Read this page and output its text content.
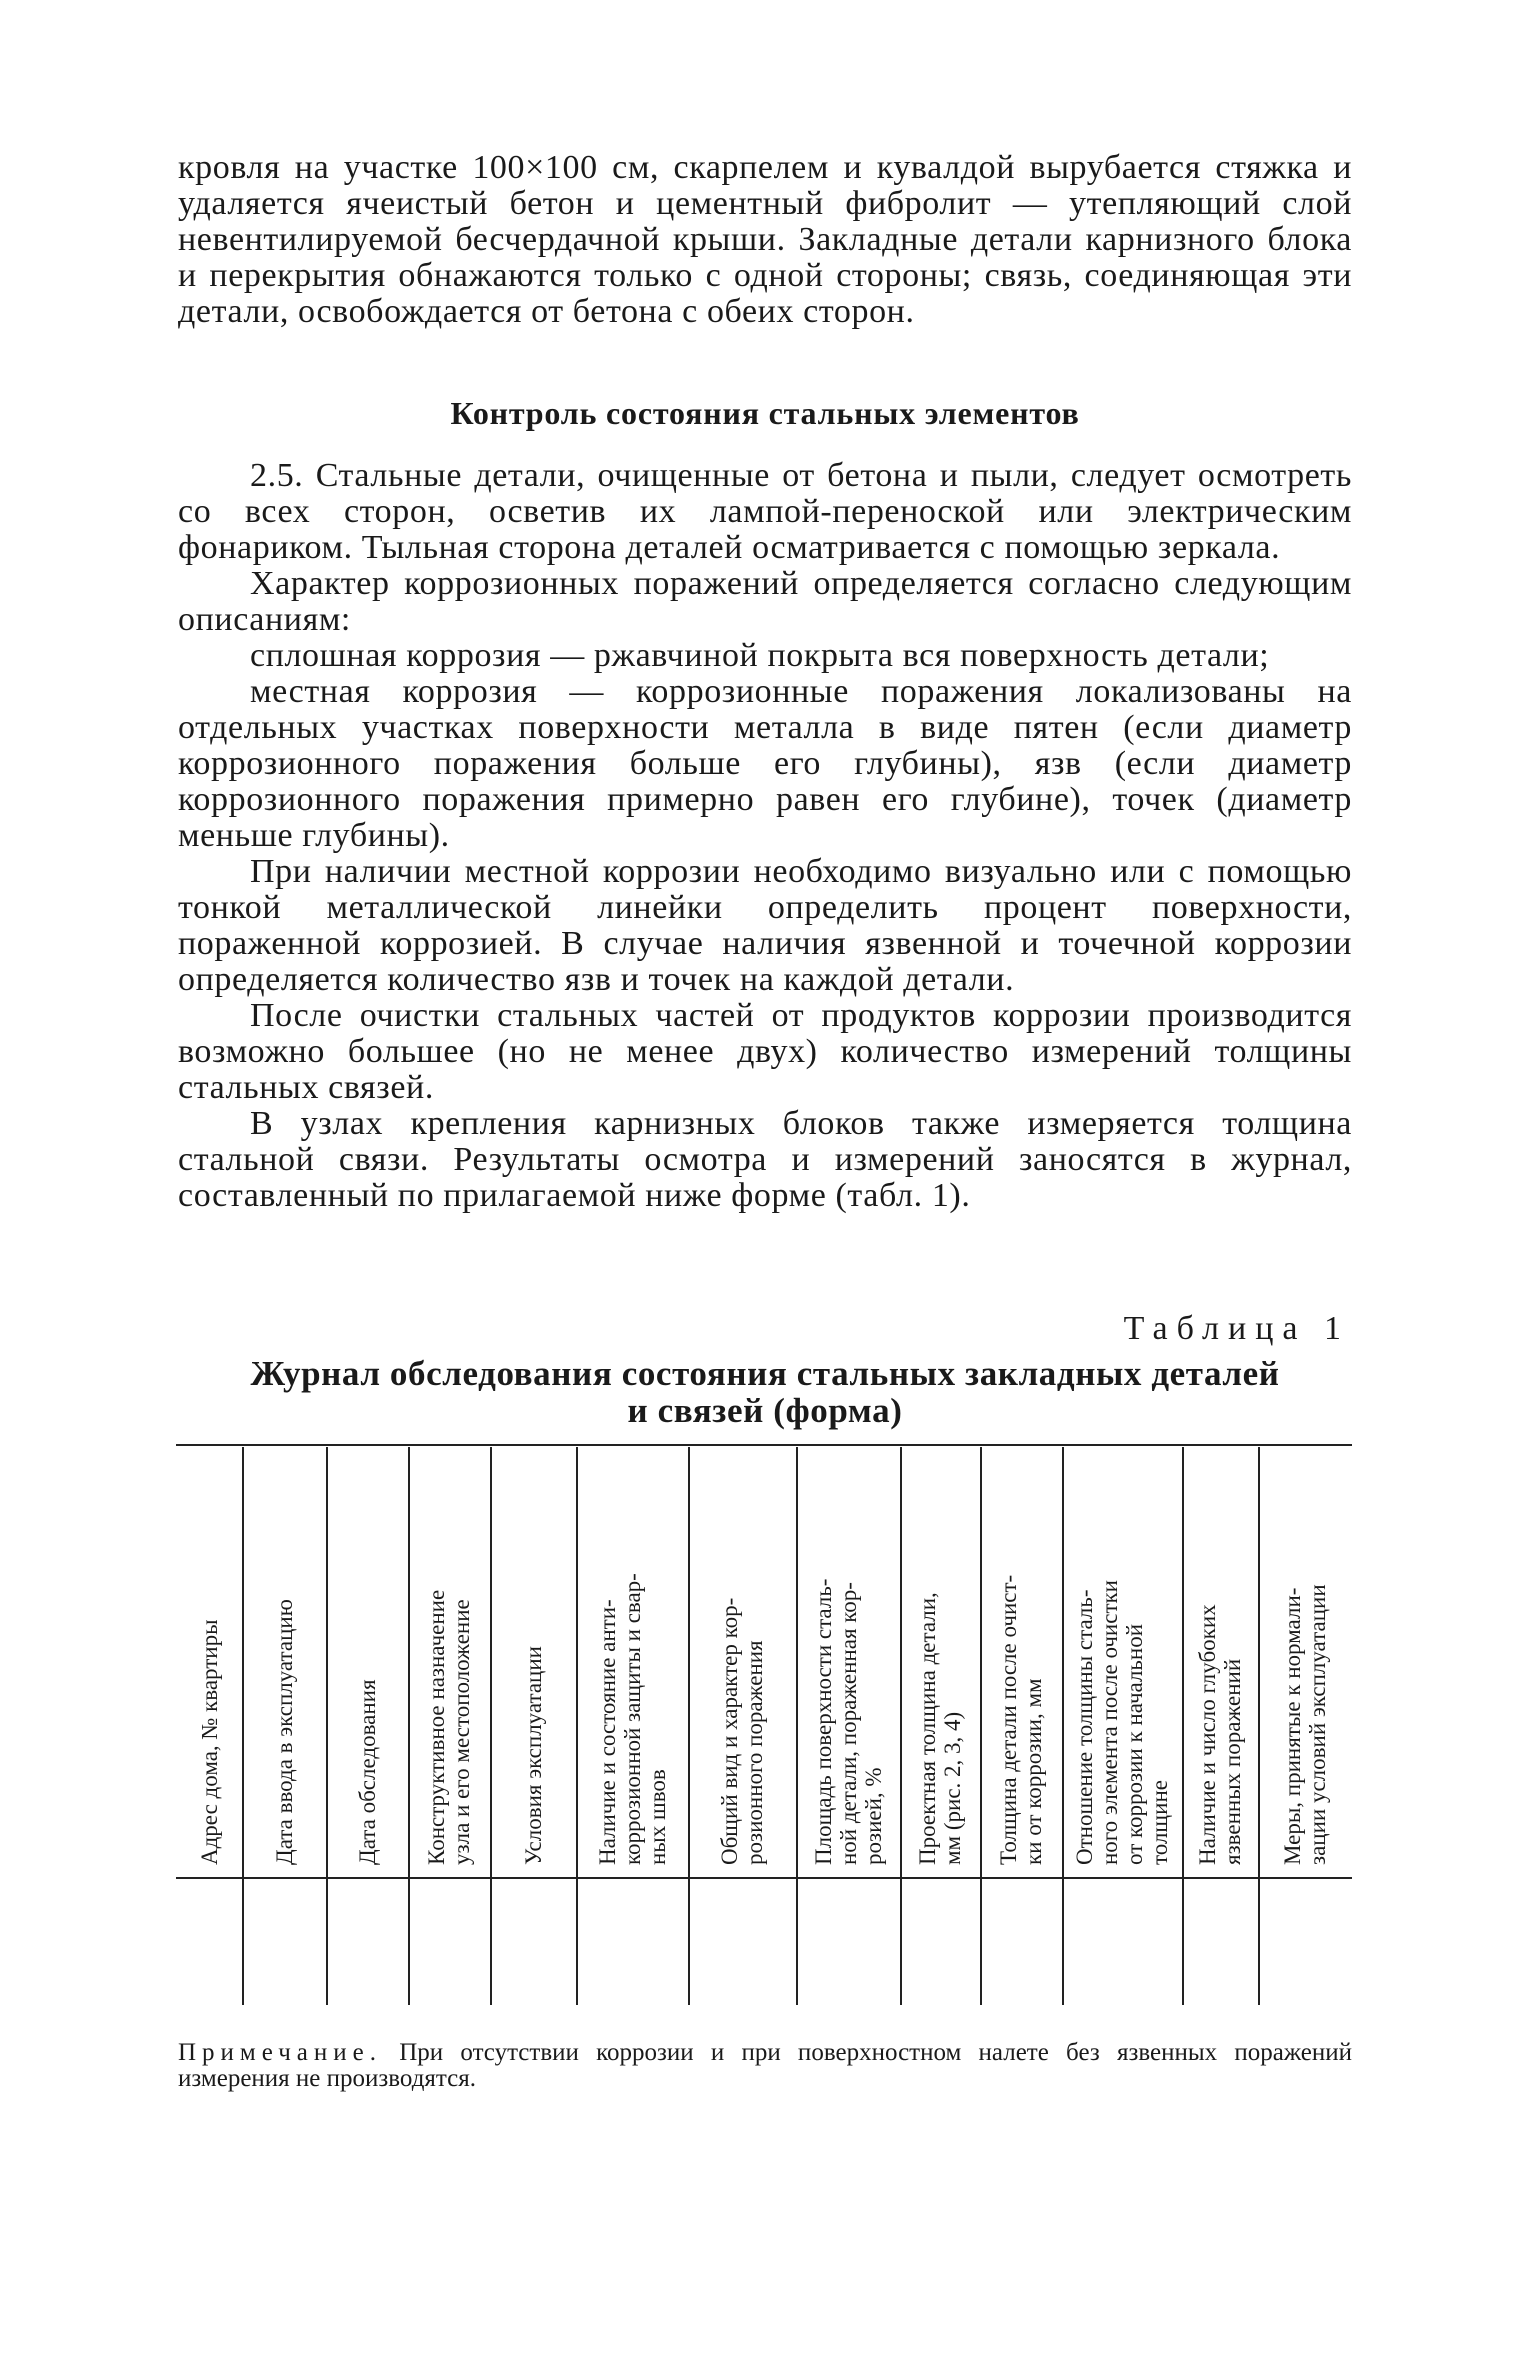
кровля на участке 100×100 см, скарпелем и кувалдой вырубается стяжка и удаляется ячеистый бетон и цементный фибролит — утепляющий слой невентилируемой бесчердачной крыши. Закладные детали карнизного блока и перекрытия обнажаются только с одной стороны; связь, соединяющая эти детали, освобождается от бетона с обеих сторон.

Контроль состояния стальных элементов

2.5. Стальные детали, очищенные от бетона и пыли, следует осмотреть со всех сторон, осветив их лампой-переноской или электрическим фонариком. Тыльная сторона деталей осматривается с помощью зеркала.

Характер коррозионных поражений определяется согласно следующим описаниям:

сплошная коррозия — ржавчиной покрыта вся поверхность детали;

местная коррозия — коррозионные поражения локализованы на отдельных участках поверхности металла в виде пятен (если диаметр коррозионного поражения больше его глубины), язв (если диаметр коррозионного поражения примерно равен его глубине), точек (диаметр меньше глубины).

При наличии местной коррозии необходимо визуально или с помощью тонкой металлической линейки определить процент поверхности, пораженной коррозией. В случае наличия язвенной и точечной коррозии определяется количество язв и точек на каждой детали.

После очистки стальных частей от продуктов коррозии производится возможно большее (но не менее двух) количество измерений толщины стальных связей.

В узлах крепления карнизных блоков также измеряется толщина стальной связи. Результаты осмотра и измерений заносятся в журнал, составленный по прилагаемой ниже форме (табл. 1).

Таблица 1
Журнал обследования состояния стальных закладных деталей
и связей (форма)
Адрес дома, № квартиры Дата ввода в эксплуатацию	Дата обследования Конструктивное назначение узла и его местоположение Условия эксплуатации Наличие и состояние анти- коррозионной защиты и свар- ных швов Общий вид и характер кор- розионного поражения Площадь поверхности сталь- ной детали, пораженная кор- розией, % Проектная толщина детали, мм (рис. 2, 3, 4) Толщина детали после очист- ки от коррозии, мм Отношение толщины сталь- ного элемента после очистки от коррозии к начальной толщине Наличие и число глубоких язвенных поражений Меры, принятые к нормали- зации условий эксплуатации
Примечание. При отсутствии коррозии и при поверхностном налете без язвенных поражений измерения не производятся.
